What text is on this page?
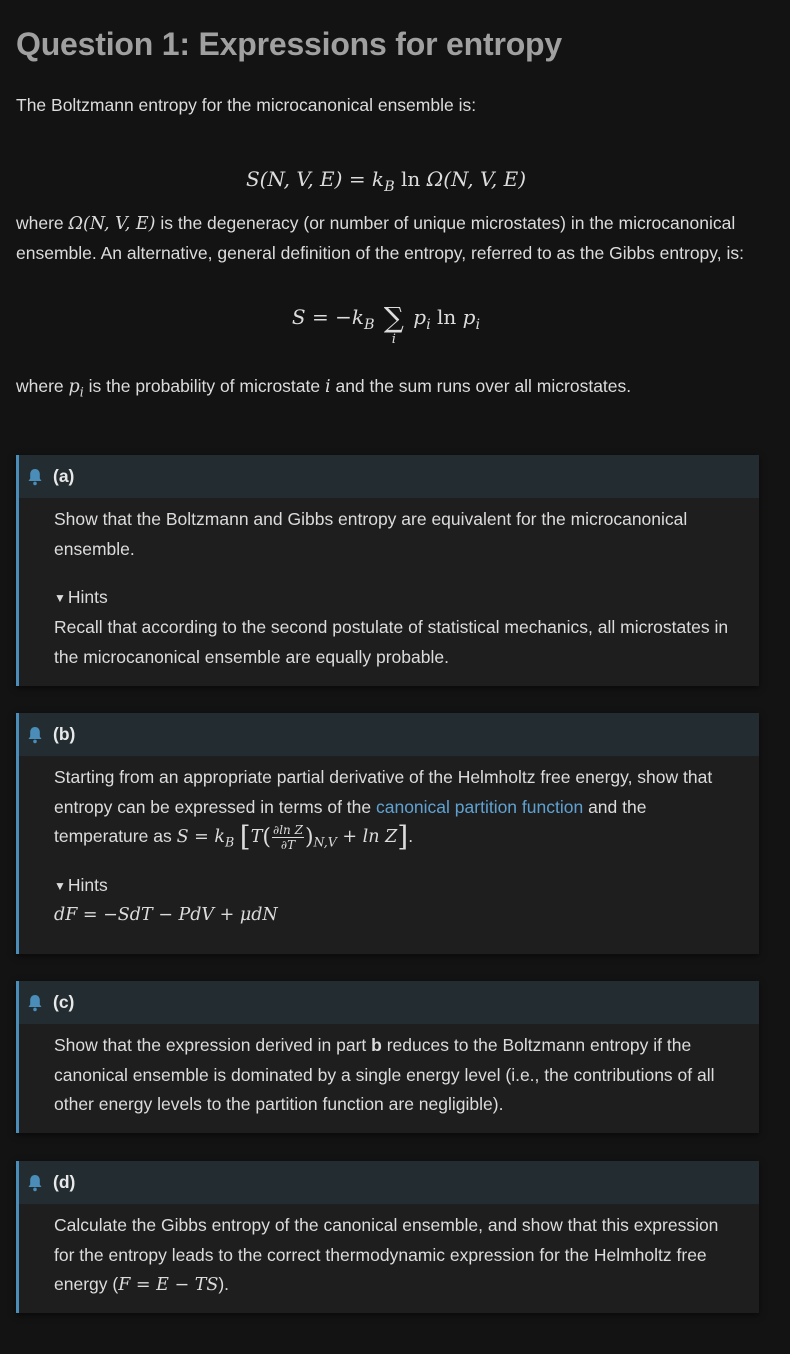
Question 1: Expressions for entropy

The Boltzmann entropy for the microcanonical ensemble is:

S(N, V, $E) = k_B$ ln Ω(N, V, E)

where Ω(N, V, E) is the degeneracy (or number of unique microstates) in the microcanonical ensemble. An alternative, general definition of the entropy, referred to as the Gibbs entropy, is:

$S = -k_B$ ∑
i
$p_i$ $\ln p_i$

where $p_i$ is the probability of microstate i and the sum runs over all microstates.

(a)

Show that the Boltzmann and Gibbs entropy are equivalent for the microcanonical ensemble.

▼ Hints

Recall that according to the second postulate of statistical mechanics, all microstates in the microcanonical ensemble are equally probable.

(b)

Starting from an appropriate partial derivative of the Helmholtz free energy, show that entropy can be expressed in terms of the canonical partition function and the temperature as $S = k_B$ $[T( \frac{\text{∂ln Z}}{\partial T} )_{N,V} + \ln Z]$.

▼ Hints

dF = −SdT − PdV + μdN

(c)

Show that the expression derived in part b reduces to the Boltzmann entropy if the canonical ensemble is dominated by a single energy level (i.e., the contributions of all other energy levels to the partition function are negligible).

(d)

Calculate the Gibbs entropy of the canonical ensemble, and show that this expression for the entropy leads to the correct thermodynamic expression for the Helmholtz free energy (F = E − TS).
